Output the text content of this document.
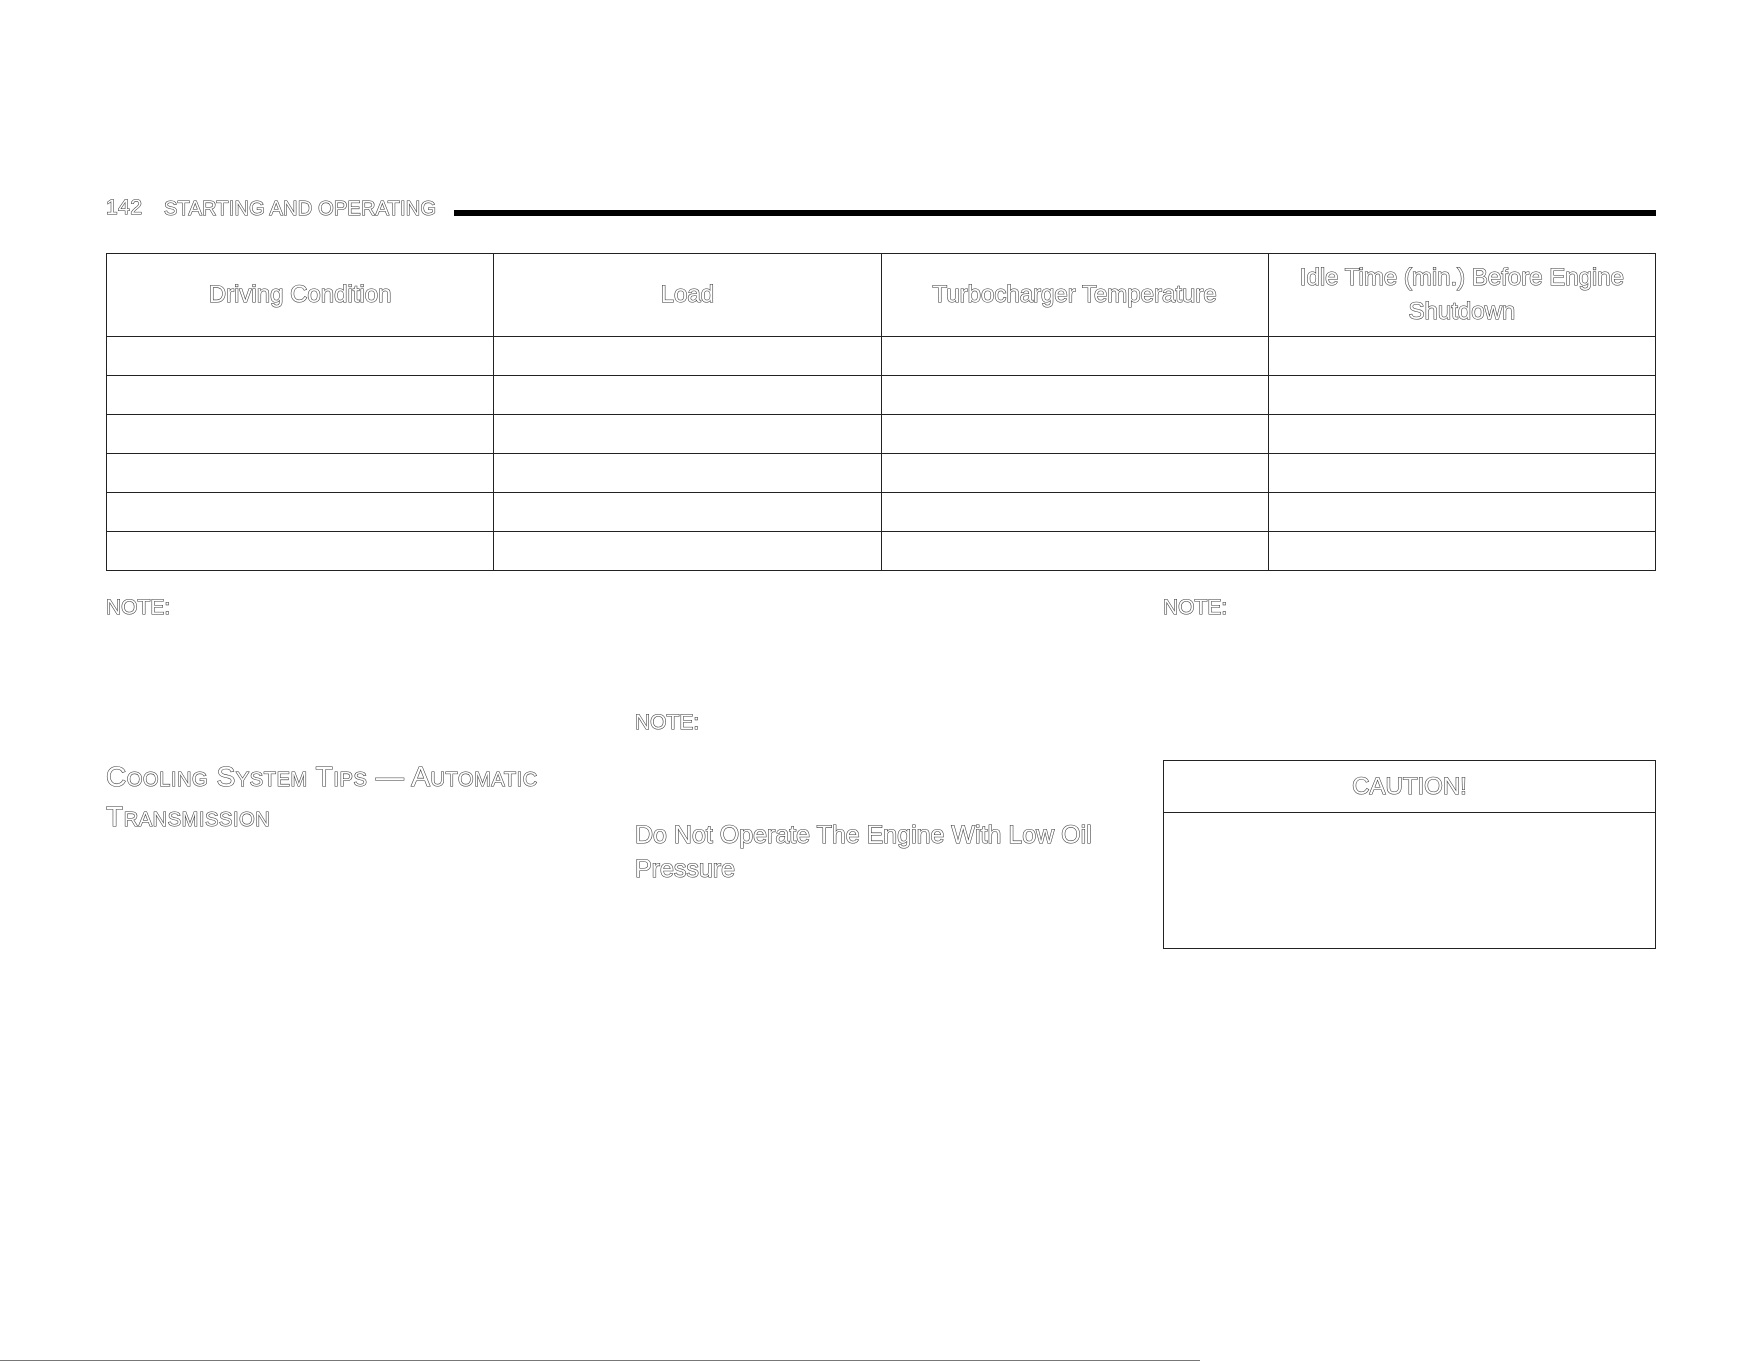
142 STARTING AND OPERATING
Driving Condition	Load	Turbocharger Temperature	Idle Time (min.) Before Engine Shutdown

NOTE:
NOTE:
NOTE:
Cooling System Tips — Automatic Transmission
Do Not Operate The Engine With Low Oil Pressure
CAUTION!
